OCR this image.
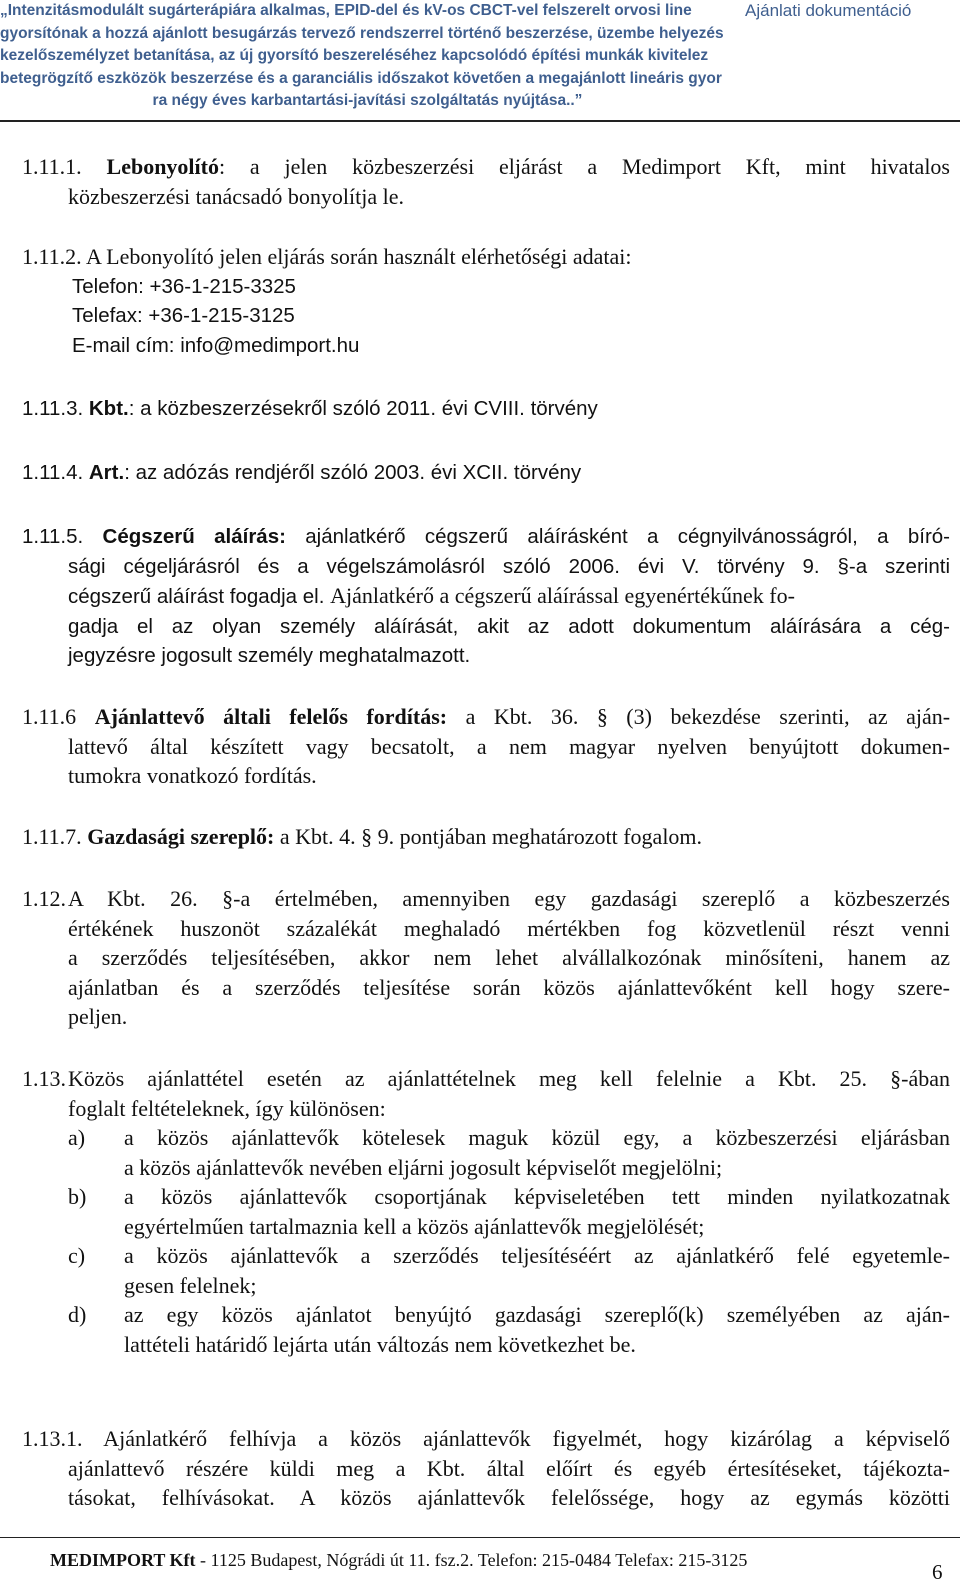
„Intenzitásmodulált sugárterápiára alkalmas, EPID-del és kV-os CBCT-vel felszerelt orvosi line
gyorsítónak a hozzá ajánlott besugárzás tervező rendszerrel történő beszerzése, üzembe helyezés
kezelőszemélyzet betanítása, az új gyorsító beszereléséhez kapcsolódó építési munkák kivitelez
betegrögzítő eszközök beszerzése és a garanciális időszakot követően a megajánlott lineáris gyor
ra négy éves karbantartási-javítási szolgáltatás nyújtása..”
Ajánlati dokumentáció
1.11.1. Lebonyolító: a jelen közbeszerzési eljárást a Medimport Kft, mint hivatalos
közbeszerzési tanácsadó bonyolítja le.
1.11.2. A Lebonyolító jelen eljárás során használt elérhetőségi adatai:
Telefon: +36-1-215-3325
Telefax: +36-1-215-3125
E-mail cím: info@medimport.hu
1.11.3. Kbt.: a közbeszerzésekről szóló 2011. évi CVIII. törvény
1.11.4. Art.: az adózás rendjéről szóló 2003. évi XCII. törvény
1.11.5. Cégszerű aláírás: ajánlatkérő cégszerű aláírásként a cégnyilvánosságról, a bíró-
sági cégeljárásról és a végelszámolásról szóló 2006. évi V. törvény 9. §-a szerinti
cégszerű aláírást fogadja el. Ajánlatkérő a cégszerű aláírással egyenértékűnek fo-
gadja el az olyan személy aláírását, akit az adott dokumentum aláírására a cég-
jegyzésre jogosult személy meghatalmazott.
1.11.6 Ajánlattevő általi felelős fordítás: a Kbt. 36. § (3) bekezdése szerinti, az aján-
lattevő által készített vagy becsatolt, a nem magyar nyelven benyújtott dokumen-
tumokra vonatkozó fordítás.
1.11.7. Gazdasági szereplő: a Kbt. 4. § 9. pontjában meghatározott fogalom.
1.12. A Kbt. 26. §-a értelmében, amennyiben egy gazdasági szereplő a közbeszerzés
értékének huszonöt százalékát meghaladó mértékben fog közvetlenül részt venni
a szerződés teljesítésében, akkor nem lehet alvállalkozónak minősíteni, hanem az
ajánlatban és a szerződés teljesítése során közös ajánlattevőként kell hogy szere-
peljen.
1.13. Közös ajánlattétel esetén az ajánlattételnek meg kell felelnie a Kbt. 25. §-ában
foglalt feltételeknek, így különösen:
a) a közös ajánlattevők kötelesek maguk közül egy, a közbeszerzési eljárásban
a közös ajánlattevők nevében eljárni jogosult képviselőt megjelölni;
b) a közös ajánlattevők csoportjának képviseletében tett minden nyilatkozatnak
egyértelműen tartalmaznia kell a közös ajánlattevők megjelölését;
c) a közös ajánlattevők a szerződés teljesítéséért az ajánlatkérő felé egyetemle-
gesen felelnek;
d) az egy közös ajánlatot benyújtó gazdasági szereplő(k) személyében az aján-
lattételi határidő lejárta után változás nem következhet be.
1.13.1. Ajánlatkérő felhívja a közös ajánlattevők figyelmét, hogy kizárólag a képviselő
ajánlattevő részére küldi meg a Kbt. által előírt és egyéb értesítéseket, tájékozta-
tásokat, felhívásokat. A közös ajánlattevők felelőssége, hogy az egymás közötti
MEDIMPORT Kft - 1125 Budapest, Nógrádi út 11. fsz.2. Telefon: 215-0484 Telefax: 215-3125	6
